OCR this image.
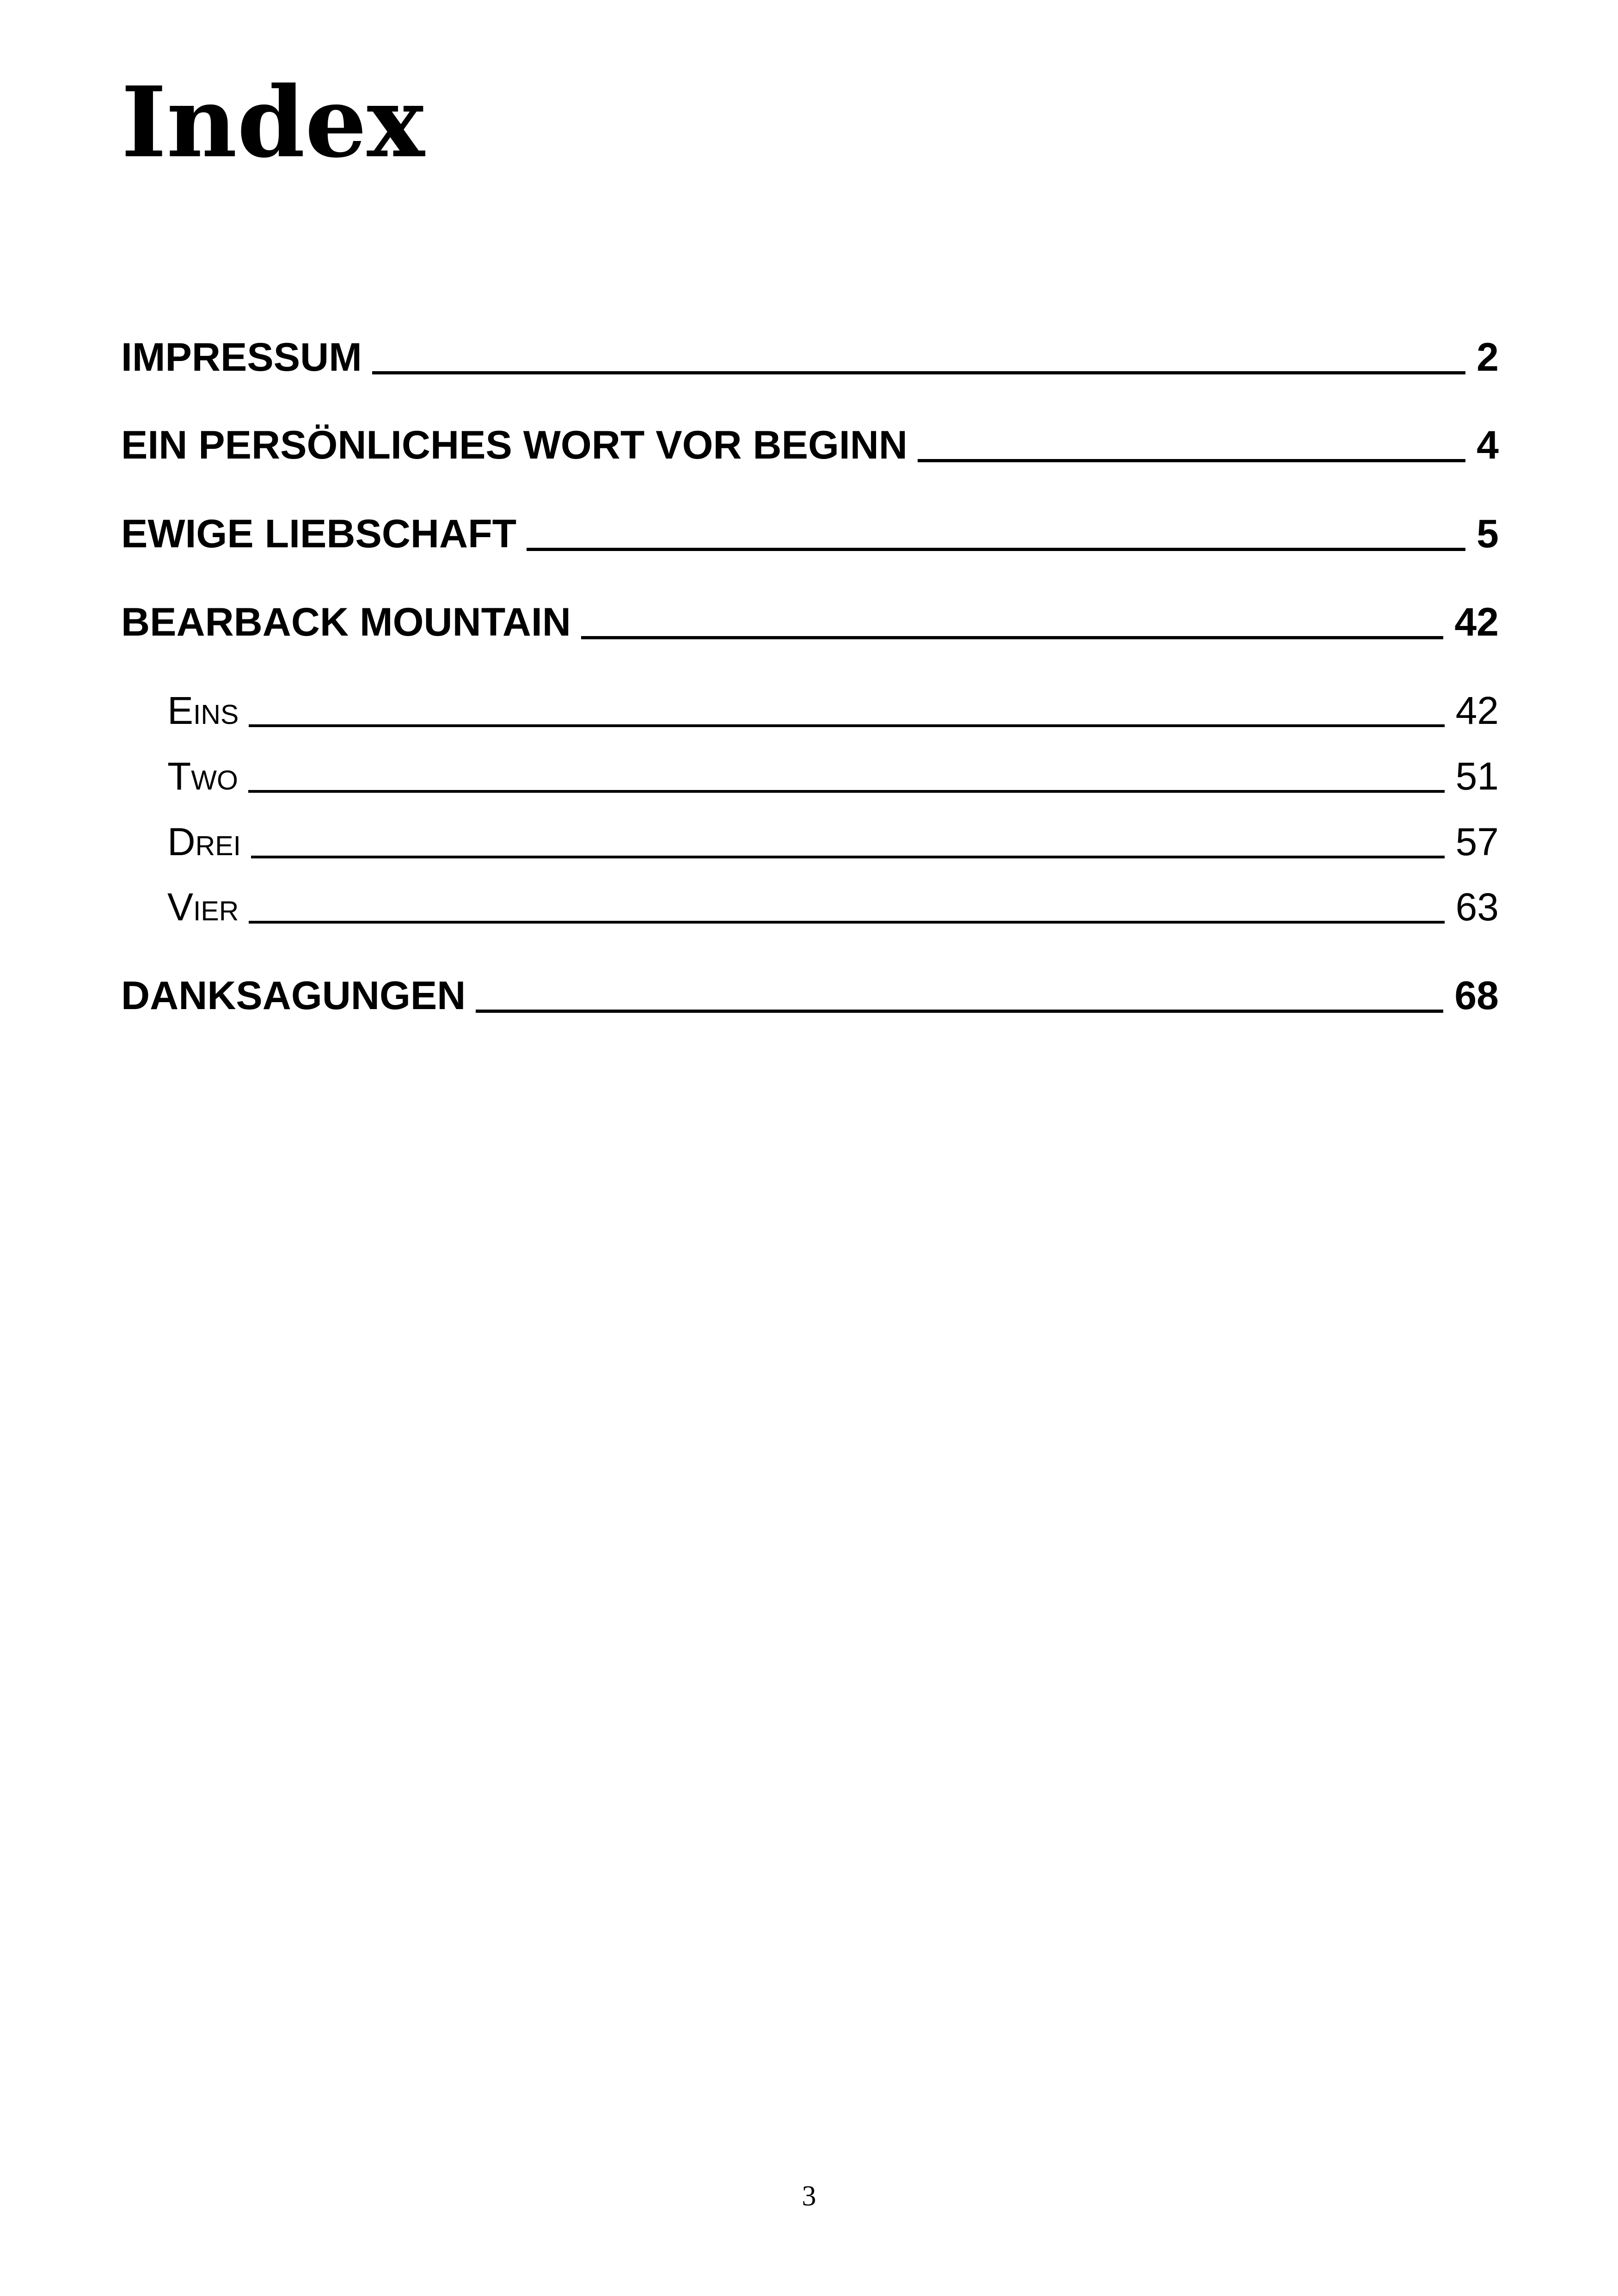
Index
IMPRESSUM	2
EIN PERSÖNLICHES WORT VOR BEGINN	4
EWIGE LIEBSCHAFT	5
BEARBACK MOUNTAIN	42
Eins	42
Two	51
Drei	57
Vier	63
DANKSAGUNGEN	68
3
